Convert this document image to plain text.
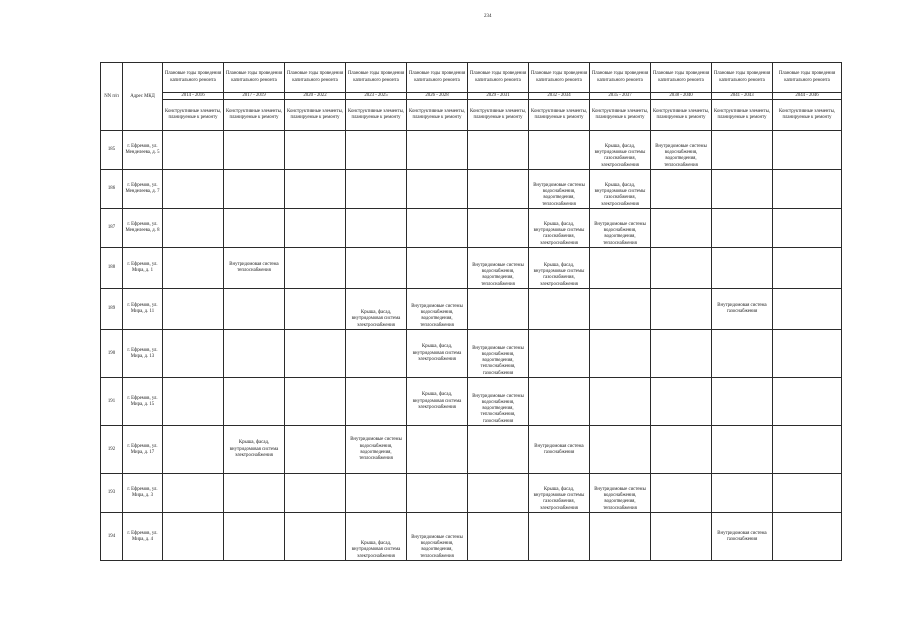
234
NN п/п	Адрес МКД	Плановые годы проведения капитального ремонта	Плановые годы проведения капитального ремонта	Плановые годы проведения капитального ремонта	Плановые годы проведения капитального ремонта	Плановые годы проведения капитального ремонта	Плановые годы проведения капитального ремонта	Плановые годы проведения капитального ремонта	Плановые годы проведения капитального ремонта	Плановые годы проведения капитального ремонта	Плановые годы проведения капитального ремонта	Плановые годы проведения капитального ремонта
		2014 - 2016	2017 - 2019	2020 - 2022	2023 - 2025	2026 - 2028	2029 - 2031	2032 - 2034	2035 - 2037	2038 - 2040	2041 - 2043	2044 - 2046
		Конструктивные элементы, планируемые к ремонту	Конструктивные элементы, планируемые к ремонту	Конструктивные элементы, планируемые к ремонту	Конструктивные элементы, планируемые к ремонту	Конструктивные элементы, планируемые к ремонту	Конструктивные элементы, планируемые к ремонту	Конструктивные элементы, планируемые к ремонту	Конструктивные элементы, планируемые к ремонту	Конструктивные элементы, планируемые к ремонту	Конструктивные элементы, планируемые к ремонту	Конструктивные элементы, планируемые к ремонту
185	г. Ефремов, ул. Менделеева, д. 5								Крыша, фасад, внутридомовые системы газоснабжения, электроснабжения	Внутридомовые системы водоснабжения, водоотведения, теплоснабжения		
186	г. Ефремов, ул. Менделеева, д. 7							Внутридомовые системы водоснабжения, водоотведения, теплоснабжения	Крыша, фасад, внутридомовые системы газоснабжения, электроснабжения			
187	г. Ефремов, ул. Менделеева, д. 8							Крыша, фасад, внутридомовые системы газоснабжения, электроснабжения	Внутридомовые системы водоснабжения, водоотведения, теплоснабжения			
188	г. Ефремов, ул. Мира, д. 1		Внутридомовая система теплоснабжения				Внутридомовые системы водоснабжения, водоотведения, теплоснабжения	Крыша, фасад, внутридомовые системы газоснабжения, электроснабжения				
189	г. Ефремов, ул. Мира, д. 11				Крыша, фасад, внутридомовая система электроснабжения	Внутридомовые системы водоснабжения, водоотведения, теплоснабжения					Внутридомовая система газоснабжения	
190	г. Ефремов, ул. Мира, д. 13					Крыша, фасад, внутридомовая система электроснабжения	Внутридомовые системы водоснабжения, водоотведения, теплоснабжения, газоснабжения					
191	г. Ефремов, ул. Мира, д. 15					Крыша, фасад, внутридомовая система электроснабжения	Внутридомовые системы водоснабжения, водоотведения, теплоснабжения, газоснабжения					
192	г. Ефремов, ул. Мира, д. 17		Крыша, фасад, внутридомовая система электроснабжения		Внутридомовые системы водоснабжения, водоотведения, теплоснабжения			Внутридомовая система газоснабжения				
193	г. Ефремов, ул. Мира, д. 3							Крыша, фасад, внутридомовые системы газоснабжения, электроснабжения	Внутридомовые системы водоснабжения, водоотведения, теплоснабжения			
194	г. Ефремов, ул. Мира, д. 4				Крыша, фасад, внутридомовая система электроснабжения	Внутридомовые системы водоснабжения, водоотведения, теплоснабжения					Внутридомовая система газоснабжения	
